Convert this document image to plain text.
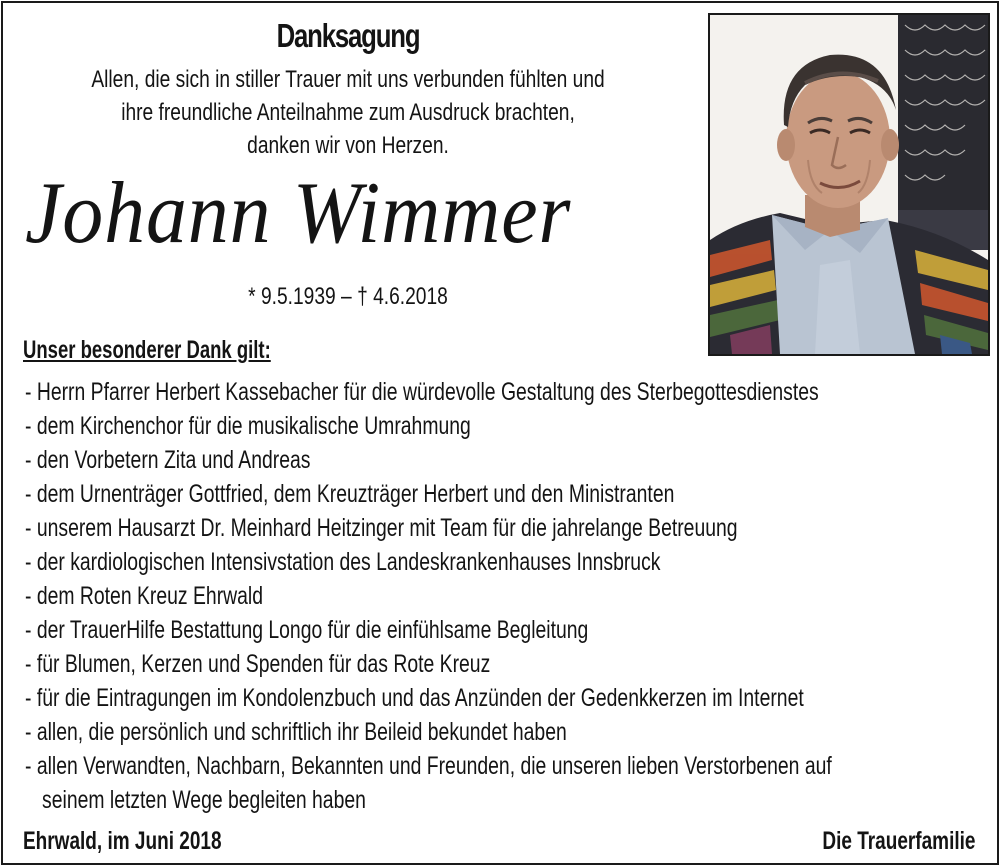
Danksagung
Allen, die sich in stiller Trauer mit uns verbunden fühlten und
ihre freundliche Anteilnahme zum Ausdruck brachten,
danken wir von Herzen.
Johann Wimmer
* 9.5.1939 – † 4.6.2018
Unser besonderer Dank gilt:
- Herrn Pfarrer Herbert Kassebacher für die würdevolle Gestaltung des Sterbegottesdienstes
- dem Kirchenchor für die musikalische Umrahmung
- den Vorbetern Zita und Andreas
- dem Urnenträger Gottfried, dem Kreuzträger Herbert und den Ministranten
- unserem Hausarzt Dr. Meinhard Heitzinger mit Team für die jahrelange Betreuung
- der kardiologischen Intensivstation des Landeskrankenhauses Innsbruck
- dem Roten Kreuz Ehrwald
- der TrauerHilfe Bestattung Longo für die einfühlsame Begleitung
- für Blumen, Kerzen und Spenden für das Rote Kreuz
- für die Eintragungen im Kondolenzbuch und das Anzünden der Gedenkkerzen im Internet
- allen, die persönlich und schriftlich ihr Beileid bekundet haben
- allen Verwandten, Nachbarn, Bekannten und Freunden, die unseren lieben Verstorbenen auf
seinem letzten Wege begleiten haben
Ehrwald, im Juni 2018	Die Trauerfamilie
